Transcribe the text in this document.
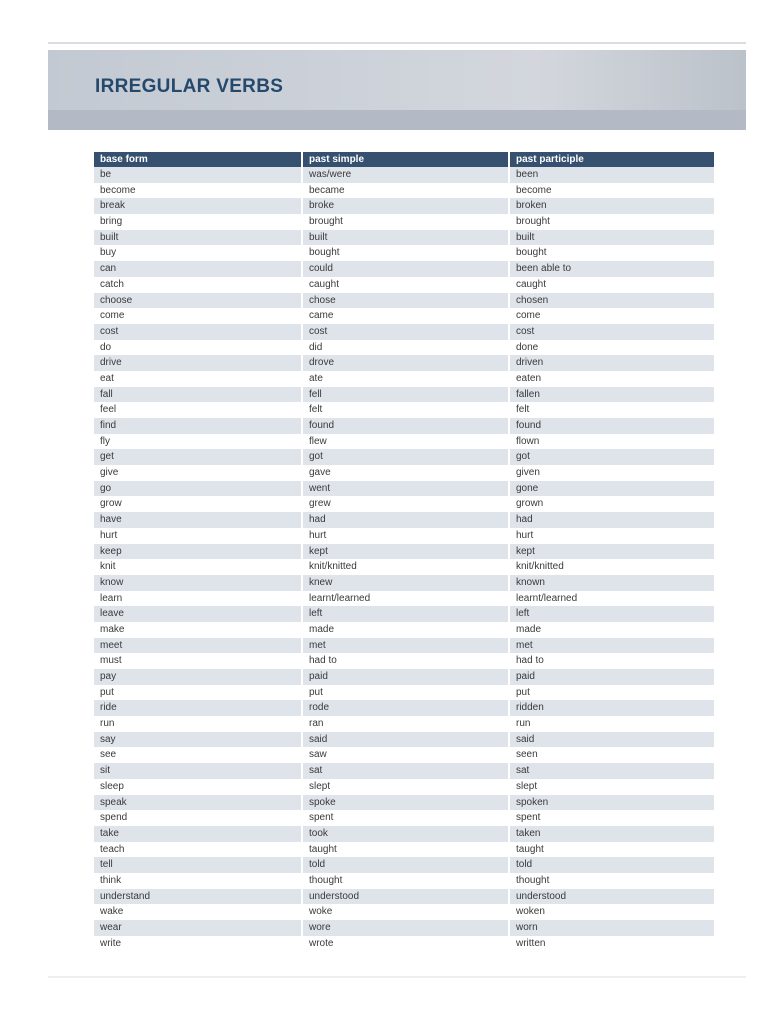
IRREGULAR VERBS
base form	past simple	past participle
be	was/were	been
become	became	become
break	broke	broken
bring	brought	brought
built	built	built
buy	bought	bought
can	could	been able to
catch	caught	caught
choose	chose	chosen
come	came	come
cost	cost	cost
do	did	done
drive	drove	driven
eat	ate	eaten
fall	fell	fallen
feel	felt	felt
find	found	found
fly	flew	flown
get	got	got
give	gave	given
go	went	gone
grow	grew	grown
have	had	had
hurt	hurt	hurt
keep	kept	kept
knit	knit/knitted	knit/knitted
know	knew	known
learn	learnt/learned	learnt/learned
leave	left	left
make	made	made
meet	met	met
must	had to	had to
pay	paid	paid
put	put	put
ride	rode	ridden
run	ran	run
say	said	said
see	saw	seen
sit	sat	sat
sleep	slept	slept
speak	spoke	spoken
spend	spent	spent
take	took	taken
teach	taught	taught
tell	told	told
think	thought	thought
understand	understood	understood
wake	woke	woken
wear	wore	worn
write	wrote	written
